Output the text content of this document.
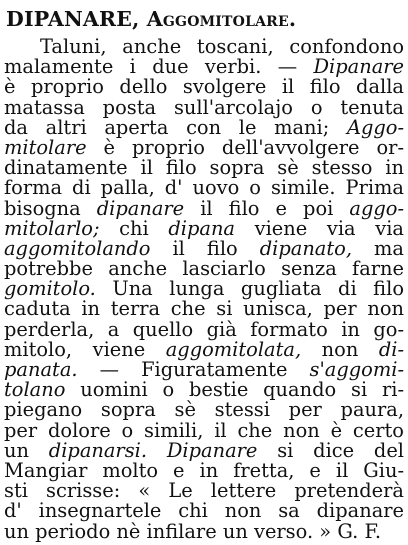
DIPANARE, Aggomitolare.
Taluni, anche toscani, confondono
malamente i due verbi. — Dipanare
è proprio dello svolgere il filo dalla
matassa posta sull'arcolajo o tenuta
da altri aperta con le mani; Aggo-
mitolare è proprio dell'avvolgere or-
dinatamente il filo sopra sè stesso in
forma di palla, d' uovo o simile. Prima
bisogna dipanare il filo e poi aggo-
mitolarlo; chi dipana viene via via
aggomitolando il filo dipanato, ma
potrebbe anche lasciarlo senza farne
gomitolo. Una lunga gugliata di filo
caduta in terra che si unisca, per non
perderla, a quello già formato in go-
mitolo, viene aggomitolata, non di-
panata. — Figuratamente s'aggomi-
tolano uomini o bestie quando si ri-
piegano sopra sè stessi per paura,
per dolore o simili, il che non è certo
un dipanarsi. Dipanare si dice del
Mangiar molto e in fretta, e il Giu-
sti scrisse: « Le lettere pretenderà
d' insegnartele chi non sa dipanare
un periodo nè infilare un verso. » G. F.
